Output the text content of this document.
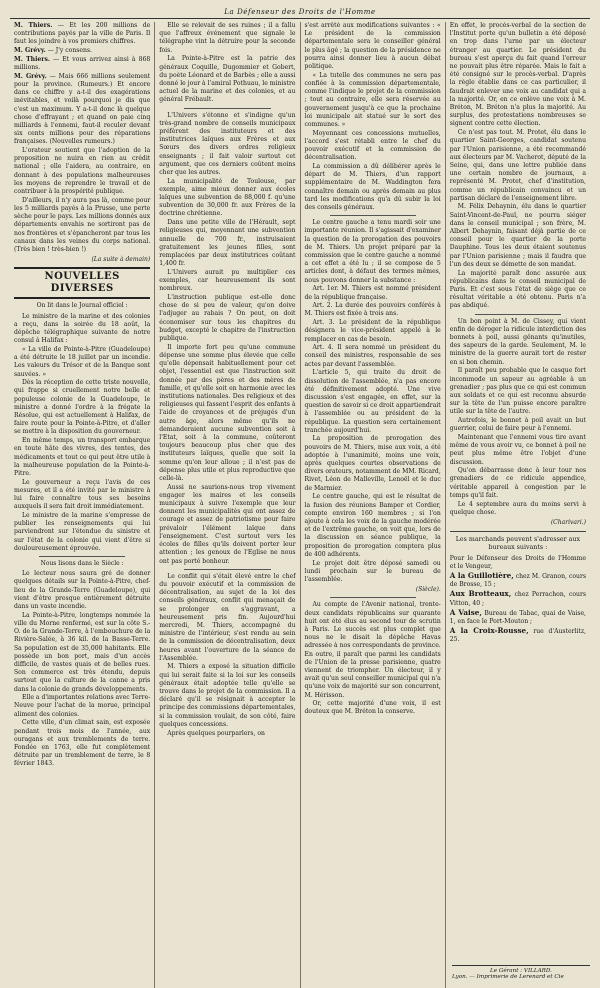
La Défenseur des Droits de l'Homme

M. Thiers. — Et les 200 millions de contributions payés par la ville de Paris. Il faut les joindre à vos premiers chiffres.

M. Grévy. — J'y consens.

M. Thiers. — Et vous arrivez ainsi à 868 millions.

M. Grévy. — Mais 666 millions seulement pour la province. (Rumeurs.) Et encore dans ce chiffre y a-t-il des exagérations inévitables, et voilà pourquoi je dis que c'est un maximum. Y a-t-il donc là quelque chose d'effrayant ; et quand on paie cinq milliards à l'ennemi, faut-il reculer devant six cents millions pour des réparations françaises. (Nouvelles rumeurs.)

L'orateur soutient que l'adoption de la proposition ne nuira en rien au crédit national ; elle l'aidera, au contraire, en donnant à des populations malheureuses les moyens de reprendre le travail et de contribuer à la prospérité publique.

D'ailleurs, il n'y aura pas là, comme pour les 5 milliards payés à la Prusse, une perte sèche pour le pays. Les millions donnés aux départements envahis ne sortiront pas de nos frontières et s'épancheront par tous les canaux dans les veines du corps national. (Très bien ! très-bien !)

(La suite à demain)
NOUVELLES DIVERSES
On lit dans le Journal officiel :

Le ministre de la marine et des colonies a reçu, dans la soirée du 18 août, la dépêche télégraphique suivante de notre consul à Halifax :

« La ville de Pointe-à-Pitre (Guadeloupe) a été détruite le 18 juillet par un incendie. Les valeurs du Trésor et de la Banque sont sauvées. »

Dès la réception de cette triste nouvelle, qui frappe si cruellement notre belle et populeuse colonie de la Guadeloupe, le ministre a donné l'ordre à la frégate la Résolue, qui est actuellement à Halifax, de faire route pour la Pointe-à-Pitre, et d'aller se mettre à la disposition du gouverneur.

En même temps, un transport embarque en toute hâte des vivres, des tentes, des médicaments et tout ce qui peut être utile à la malheureuse population de la Pointe-à-Pitre.

Le gouverneur a reçu l'avis de ces mesures, et il a été invité par le ministre à lui faire connaître tous ses besoins auxquels il sera fait droit immédiatement.

Le ministre de la marine s'empresse de publier les renseignements qui lui parviendront sur l'étendue du sinistre et sur l'état de la colonie qui vient d'être si douloureusement éprouvée.

Nous lisons dans le Siècle :

Le lecteur nous saura gré de donner quelques détails sur la Pointe-à-Pitre, chef-lieu de la Grande-Terre (Guadeloupe), qui vient d'être presque entièrement détruite dans un vaste incendie.

La Pointe-à-Pitre, longtemps nommée la ville du Morne renfermé, est sur la côte S.-O. de la Grande-Terre, à l'embouchure de la Rivière-Salée, à 36 kil. de la Basse-Terre. Sa population est de 35,000 habitants. Elle possède un bon port, mais d'un accès difficile, de vastes quais et de belles rues. Son commerce est très étendu, depuis surtout que la culture de la canne a pris dans la colonie de grands développements.

Elle a d'importantes relations avec Terre-Neuve pour l'achat de la morue, principal aliment des colonies.

Cette ville, d'un climat sain, est exposée pendant trois mois de l'année, aux ouragans et aux tremblements de terre. Fondée en 1763, elle fut complètement détruite par un tremblement de terre, le 8 février 1843.

Elle se relevait de ses ruines ; il a fallu que l'affreux événement que signale le télégraphe vint la détruire pour la seconde fois.

La Pointe-à-Pitre est la patrie des généraux Coquille, Dugommier et Gobert, du poète Léonard et de Barbès ; elle a aussi donné le jour à l'amiral Pothuau, le ministre actuel de la marine et des colonies, et au général Frébault.

L'Univers s'étonne et s'indigne qu'un très-grand nombre de conseils municipaux préfèrent des instituteurs et des institutrices laïques aux Frères et aux Sœurs des divers ordres religieux enseignants ; il fait valoir surtout cet argument, que ces derniers coûtent moins cher que les autres.

La municipalité de Toulouse, par exemple, aime mieux donner aux écoles laïques une subvention de 88,000 f. qu'une subvention de 30,000 fr. aux Frères de la doctrine chrétienne.

Dans une petite ville de l'Hérault, sept religieuses qui, moyennant une subvention annuelle de 700 fr., instruisaient gratuitement les jeunes filles, sont remplacées par deux institutrices coûtant 1,400 fr.

L'Univers aurait pu multiplier ces exemples, car heureusement ils sont nombreux.

L'instruction publique est-elle donc chose de si peu de valeur, qu'on doive l'adjuger au rabais ? On peut, on doit économiser sur tous les chapitres du budget, excepté le chapitre de l'instruction publique.

Il importe fort peu qu'une commune dépense une somme plus élevée que celle qu'elle dépensait habituellement pour cet objet, l'essentiel est que l'instruction soit donnée par des pères et des mères de famille, et qu'elle soit en harmonie avec les institutions nationales. Des religieux et des religieuses qui fassent l'esprit des enfants à l'aide de croyances et de préjugés d'un autre âge, alors même qu'ils ne demanderaient aucune subvention soit à l'Etat, soit à la commune, coûteront toujours beaucoup plus cher que des instituteurs laïques, quelle que soit la somme qu'on leur alloue ; il n'est pas de dépense plus utile et plus reproductive que celle-là.

Aussi ne saurions-nous trop vivement engager les maires et les conseils municipaux à suivre l'exemple que leur donnent les municipalités qui ont assez de courage et assez de patriotisme pour faire prévaloir l'élément laïque dans l'enseignement. C'est surtout vers les écoles de filles qu'ils doivent porter leur attention ; les genoux de l'Eglise ne nous ont pas porté bonheur.

Le conflit qui s'était élevé entre le chef du pouvoir exécutif et la commission de décentralisation, au sujet de la loi des conseils généraux, conflit qui menaçait de se prolonger en s'aggravant, a heureusement pris fin. Aujourd'hui mercredi, M. Thiers, accompagné du ministre de l'intérieur, s'est rendu au sein de la commission de décentralisation, deux heures avant l'ouverture de la séance de l'Assemblée.

M. Thiers a exposé la situation difficile qui lui serait faite si la loi sur les conseils généraux était adoptée telle qu'elle se trouve dans le projet de la commission. Il a déclaré qu'il se résignait à accepter le principe des commissions départementales, si la commission voulait, de son côté, faire quelques concessions.

Après quelques pourparlers, on

s'est arrêté aux modifications suivantes : « Le président de la commission départementale sera le conseiller général le plus âgé ; la question de la présidence ne pourra ainsi donner lieu à aucun débat politique.

« La tutelle des communes ne sera pas confiée à la commission départementale, comme l'indique le projet de la commission ; tout au contraire, elle sera réservée au gouvernement jusqu'à ce que la prochaine loi municipale ait statué sur le sort des communes. »

Moyennant ces concessions mutuelles, l'accord s'est rétabli entre le chef du pouvoir exécutif et la commission de décentralisation.

La commission a dû délibérer après le départ de M. Thiers, d'un rapport supplémentaire de M. Waddington fera connaître demain ou après demain au plus tard les modifications qu'a dû subir la loi des conseils généraux.

Le centre gauche a tenu mardi soir une importante réunion. Il s'agissait d'examiner la question de la prorogation des pouvoirs de M. Thiers. Un projet préparé par la commission que le centre gauche a nommé a cet effet a été lu ; il se compose de 5 articles dont, à défaut des termes mêmes, nous pouvons donner la substance :

Art. 1er. M. Thiers est nommé président de la république française.

Art. 2. La durée des pouvoirs conférés à M. Thiers est fixée à trois ans.

Art. 3. Le président de la république désignera le vice-président appelé à le remplacer en cas de besoin.

Art. 4. Il sera nommé un président du conseil des ministres, responsable de ses actes par devant l'assemblée.

L'article 5, qui traite du droit de dissolution de l'assemblée, n'a pas encore été définitivement adopté. Une vive discussion s'est engagée, en effet, sur la question de savoir si ce droit appartiendrait à l'assemblée ou au président de la république. La question sera certainement tranchée aujourd'hui.

La proposition de prorogation des pouvoirs de M. Thiers, mise aux voix, a été adoptée à l'unanimité, moins une voix, après quelques courtes observations de divers orateurs, notamment de MM. Ricard, Rivet, Léon de Malleville, Lenoël et le duc de Marmier.

Le centre gauche, qui est le résultat de la fusion des réunions Bamper et Cordier, compte environ 160 membres ; si l'on ajoute à cela les voix de la gauche modérée et de l'extrême gauche, on voit que, lors de la discussion en séance publique, la proposition de prorogation comptera plus de 400 adhérents.

Le projet doit être déposé samedi ou lundi prochain sur le bureau de l'assemblée.

(Siècle).

Au compte de l'Avenir national, trente-deux candidats républicains sur quarante huit ont été élus au second tour de scrutin à Paris. Le succès est plus complet que nous ne le disait la dépêche Havas adressée à nos correspondants de province. En outre, il paraît que parmi les candidats de l'Union de la presse parisienne, quatre viennent de triompher. Un électeur, il y avait qu'un seul conseiller municipal qui n'a qu'une voix de majorité sur son concurrent, M. Hérisson.

Or, cette majorité d'une voix, il est douteux que M. Bréton la conserve.

En effet, le procès-verbal de la section de l'Institut porte qu'un bulletin a été déposé en trop dans l'urne par un électeur étranger au quartier. Le président du bureau s'est aperçu du fait quand l'erreur ne pouvait plus être réparée. Mais le fait a été consigné sur le procès-verbal. D'après la règle établie dans ce cas particulier, il faudrait enlever une voix au candidat qui a la majorité. Or, en ce enlève une voix à M. Bréton, M. Bréton n'a plus la majorité. Au surplus, des protestations nombreuses se signent contre cette élection.

Ce n'est pas tout. M. Protet, élu dans le quartier Saint-Georges, candidat soutenu par l'Union parisienne, a été recommandé aux électeurs par M. Vacherot, député de la Seine, qui, dans une lettre publiée dans une certain nombre de journaux, a représenté M. Protet, chef d'institution, comme un républicain convaincu et un partisan déclaré de l'enseignement libre.

M. Félix Dehaynin, élu dans le quartier Saint-Vincent-de-Paul, ne pourra siéger dans le conseil municipal ; son frère, M. Albert Dehaynin, faisant déjà partie de ce conseil pour le quartier de la porte Dauphine. Tous les deux étaient soutenus par l'Union parisienne ; mais il faudra que l'un des deux se démette de son mandat.

La majorité paraît donc assurée aux républicains dans le conseil municipal de Paris. Et c'est sous l'état de siège que ce résultat véritable a été obtenu. Paris n'a pas abdiqué.

Un bon point à M. de Cissey, qui vient enfin de déroger la ridicule interdiction des bonnets à poil, aussi gênants qu'inutiles, des sapeurs de la garde. Seulement, M. le ministre de la guerre aurait tort de rester en si bon chemin.

Il paraît peu probable que le casque fort incommode un sapeur au agréable à un grenadier ; pas plus que ce qui est commun aux soldats et ce qui est reconnu absurde sur la tête de l'un puisse encore paraître utile sur la tête de l'autre.

Autrefois, le bonnet à poil avait un but guerrier, celui de faire peur à l'ennemi.

Maintenant que l'ennemi vous tire avant même de vous avoir vu, ce bonnet à poil ne peut plus même être l'objet d'une discussion.

Qu'on débarrasse donc à leur tour nos grenadiers de ce ridicule appendice, véritable appareil à congestion par le temps qu'il fait.

Le 4 septembre aura du moins servi à quelque chose.

(Charivari.)
Les marchands peuvent s'adresser aux bureaux suivants :

Pour le Défenseur des Droits de l'Homme et le Vengeur,

A la Guillotière, chez M. Granon, cours de Brosse, 15 ;

Aux Brotteaux, chez Perrachon, cours Vitton, 40 ;

A Vaise, Bureau de Tabac, quai de Vaise, 1, en face le Port-Mouton ;

A la Croix-Rousse, rue d'Austerlitz, 25.

Le Gérant : VILLARD.
Lyon. — Imprimerie de Lerenard et Cie
